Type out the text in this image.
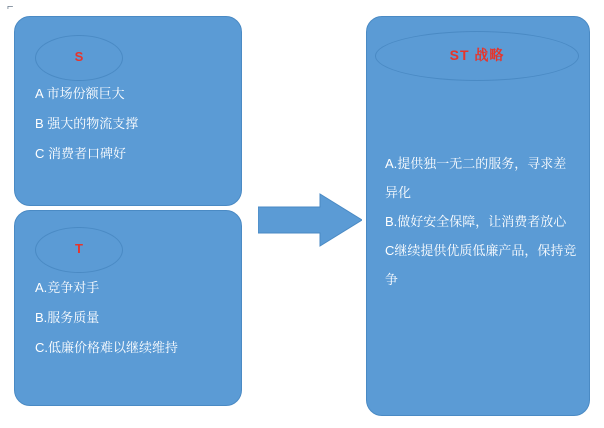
⌐
S
A 市场份额巨大
B 强大的物流支撑
C 消费者口碑好
T
A.竞争对手
B.服务质量
C.低廉价格难以继续维持
ST 战略
A.提供独一无二的服务，寻求差异化
B.做好安全保障，让消费者放心
C继续提供优质低廉产品，保持竞争
